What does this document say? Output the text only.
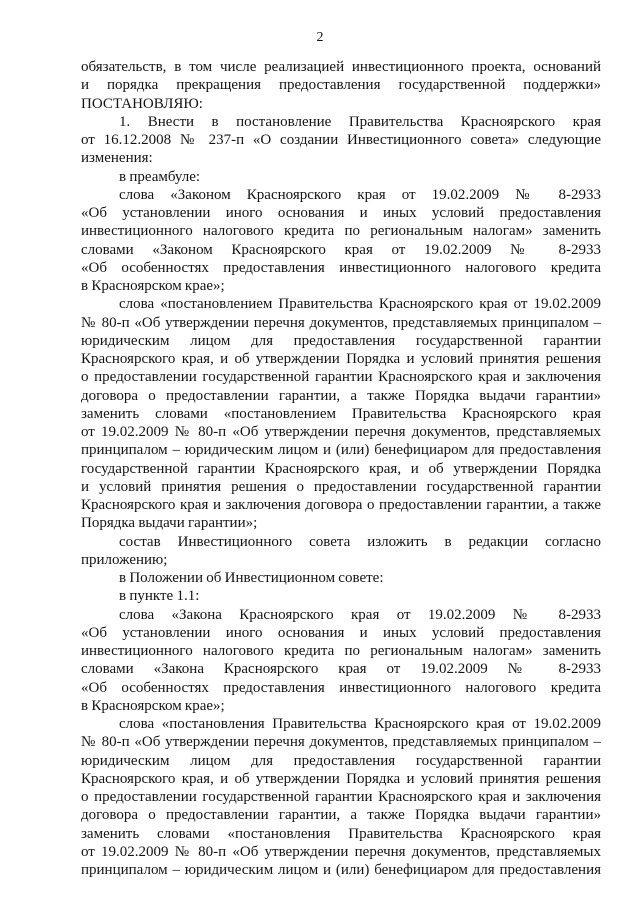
2
обязательств, в том числе реализацией инвестиционного проекта, оснований
и порядка прекращения предоставления государственной поддержки»
ПОСТАНОВЛЯЮ:
1. Внести в постановление Правительства Красноярского края
от 16.12.2008 № 237-п «О создании Инвестиционного совета» следующие
изменения:
в преамбуле:
слова «Законом Красноярского края от 19.02.2009 № 8-2933
«Об установлении иного основания и иных условий предоставления
инвестиционного налогового кредита по региональным налогам» заменить
словами «Законом Красноярского края от 19.02.2009 № 8-2933
«Об особенностях предоставления инвестиционного налогового кредита
в Красноярском крае»;
слова «постановлением Правительства Красноярского края от 19.02.2009
№ 80-п «Об утверждении перечня документов, представляемых принципалом –
юридическим лицом для предоставления государственной гарантии
Красноярского края, и об утверждении Порядка и условий принятия решения
о предоставлении государственной гарантии Красноярского края и заключения
договора о предоставлении гарантии, а также Порядка выдачи гарантии»
заменить словами «постановлением Правительства Красноярского края
от 19.02.2009 № 80-п «Об утверждении перечня документов, представляемых
принципалом – юридическим лицом и (или) бенефициаром для предоставления
государственной гарантии Красноярского края, и об утверждении Порядка
и условий принятия решения о предоставлении государственной гарантии
Красноярского края и заключения договора о предоставлении гарантии, а также
Порядка выдачи гарантии»;
состав Инвестиционного совета изложить в редакции согласно
приложению;
в Положении об Инвестиционном совете:
в пункте 1.1:
слова «Закона Красноярского края от 19.02.2009 № 8-2933
«Об установлении иного основания и иных условий предоставления
инвестиционного налогового кредита по региональным налогам» заменить
словами «Закона Красноярского края от 19.02.2009 № 8-2933
«Об особенностях предоставления инвестиционного налогового кредита
в Красноярском крае»;
слова «постановления Правительства Красноярского края от 19.02.2009
№ 80-п «Об утверждении перечня документов, представляемых принципалом –
юридическим лицом для предоставления государственной гарантии
Красноярского края, и об утверждении Порядка и условий принятия решения
о предоставлении государственной гарантии Красноярского края и заключения
договора о предоставлении гарантии, а также Порядка выдачи гарантии»
заменить словами «постановления Правительства Красноярского края
от 19.02.2009 № 80-п «Об утверждении перечня документов, представляемых
принципалом – юридическим лицом и (или) бенефициаром для предоставления
